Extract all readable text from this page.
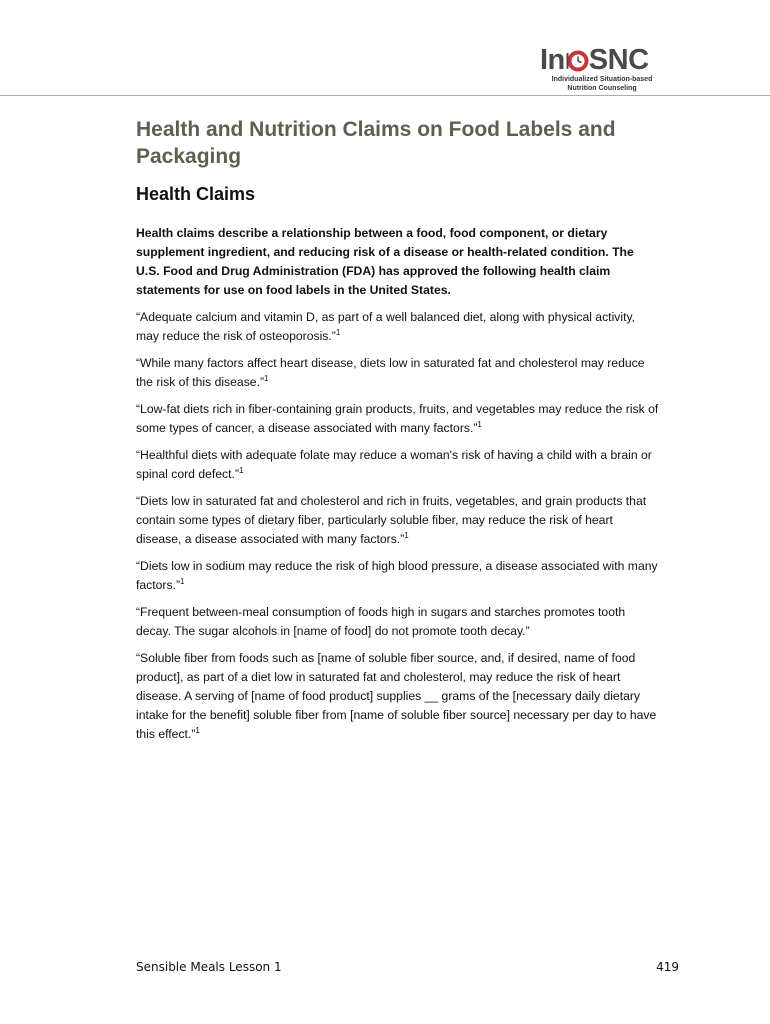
In SNC
Individualized Situation-based
Nutrition Counseling
Health and Nutrition Claims on Food Labels and Packaging
Health Claims

Health claims describe a relationship between a food, food component, or dietary supplement ingredient, and reducing risk of a disease or health-related condition. The U.S. Food and Drug Administration (FDA) has approved the following health claim statements for use on food labels in the United States.

“Adequate calcium and vitamin D, as part of a well balanced diet, along with physical activity, may reduce the risk of osteoporosis.”$^1$

“While many factors affect heart disease, diets low in saturated fat and cholesterol may reduce the risk of this disease.”$^1$

“Low-fat diets rich in fiber-containing grain products, fruits, and vegetables may reduce the risk of some types of cancer, a disease associated with many factors.”$^1$

“Healthful diets with adequate folate may reduce a woman's risk of having a child with a brain or spinal cord defect.”$^1$

“Diets low in saturated fat and cholesterol and rich in fruits, vegetables, and grain products that contain some types of dietary fiber, particularly soluble fiber, may reduce the risk of heart disease, a disease associated with many factors.”$^1$

“Diets low in sodium may reduce the risk of high blood pressure, a disease associated with many factors.”$^1$

“Frequent between-meal consumption of foods high in sugars and starches promotes tooth decay. The sugar alcohols in [name of food] do not promote tooth decay.”

“Soluble fiber from foods such as [name of soluble fiber source, and, if desired, name of food product], as part of a diet low in saturated fat and cholesterol, may reduce the risk of heart disease. A serving of [name of food product] supplies __ grams of the [necessary daily dietary intake for the benefit] soluble fiber from [name of soluble fiber source] necessary per day to have this effect.”$^1$

Sensible Meals Lesson 1	419
